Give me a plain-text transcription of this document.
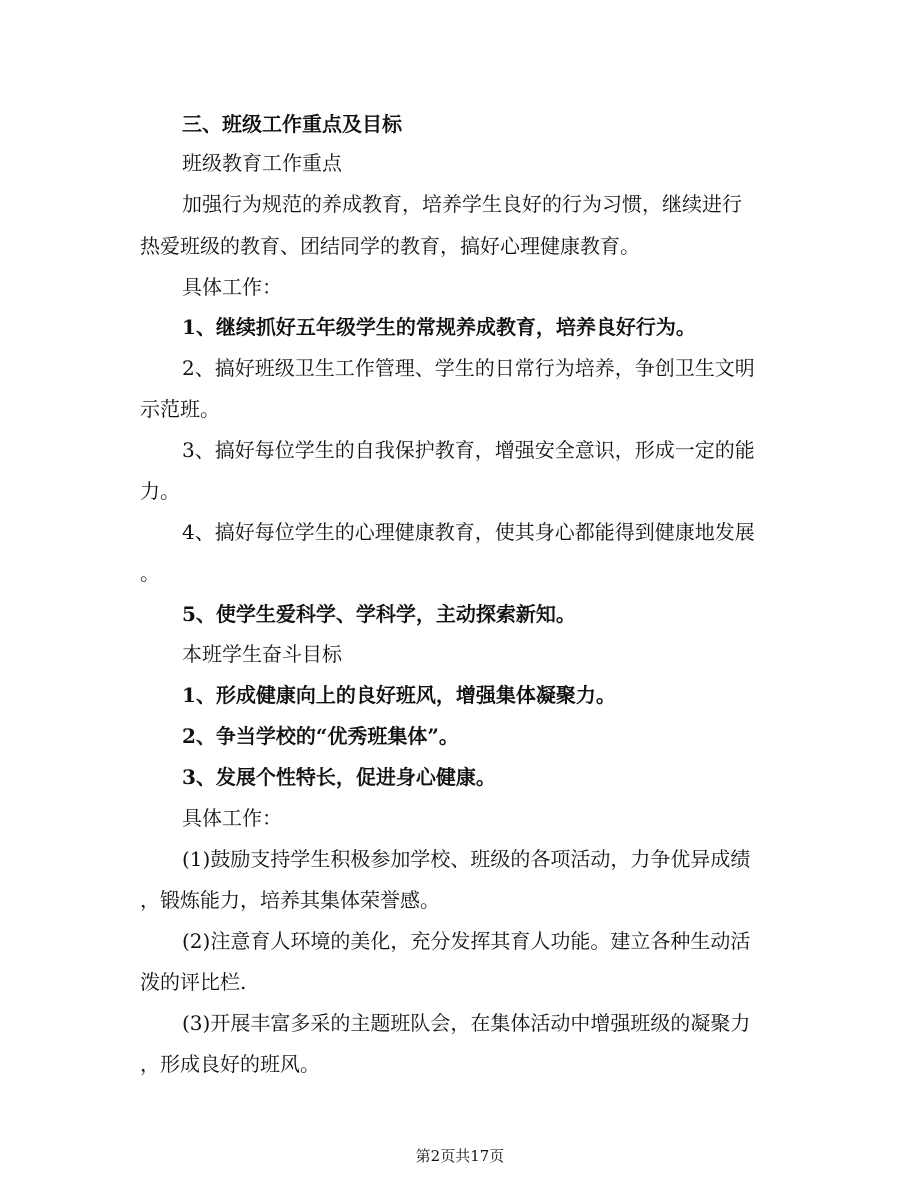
三、班级工作重点及目标
班级教育工作重点
加强行为规范的养成教育，培养学生良好的行为习惯，继续进行
热爱班级的教育、团结同学的教育，搞好心理健康教育。
具体工作：
1、继续抓好五年级学生的常规养成教育，培养良好行为。
2、搞好班级卫生工作管理、学生的日常行为培养，争创卫生文明
示范班。
3、搞好每位学生的自我保护教育，增强安全意识，形成一定的能
力。
4、搞好每位学生的心理健康教育，使其身心都能得到健康地发展
。
5、使学生爱科学、学科学，主动探索新知。
本班学生奋斗目标
1、形成健康向上的良好班风，增强集体凝聚力。
2、争当学校的“优秀班集体”。
3、发展个性特长，促进身心健康。
具体工作：
(1)鼓励支持学生积极参加学校、班级的各项活动，力争优异成绩
，锻炼能力，培养其集体荣誉感。
(2)注意育人环境的美化，充分发挥其育人功能。建立各种生动活
泼的评比栏.
(3)开展丰富多采的主题班队会，在集体活动中增强班级的凝聚力
，形成良好的班风。
第2页共17页
